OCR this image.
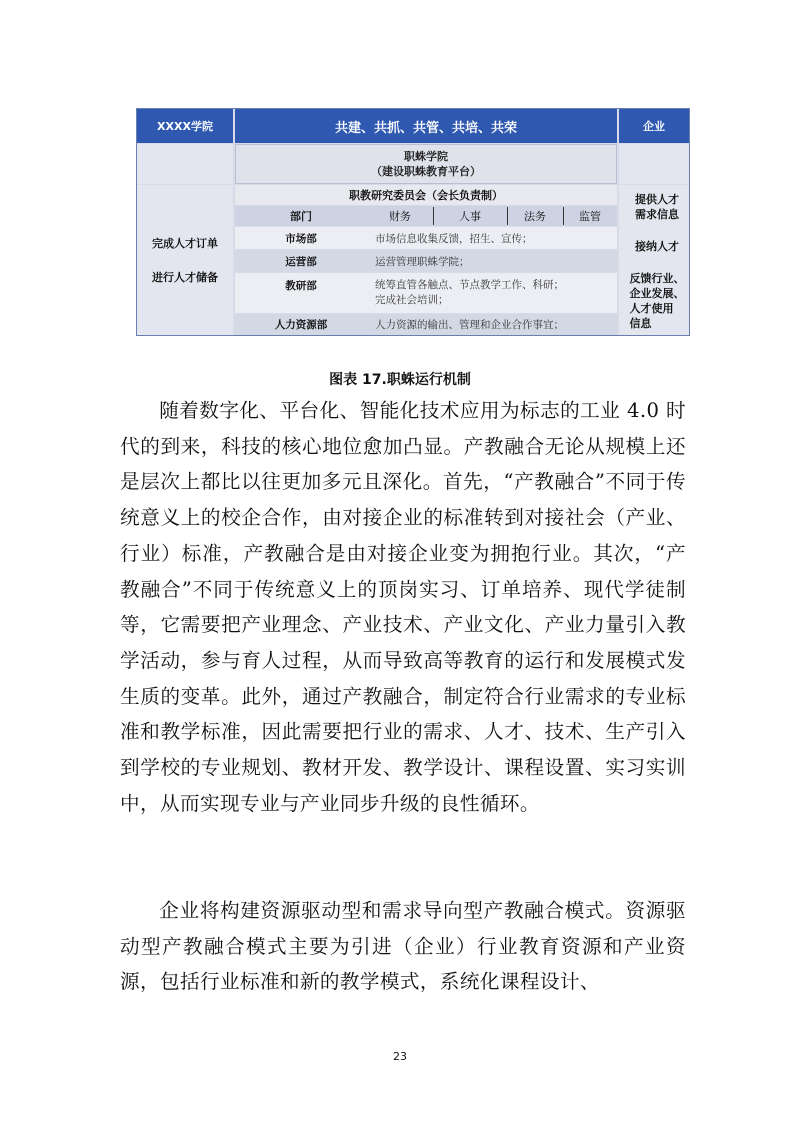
XXXX学院	共建、共抓、共管、共培、共荣	企业
职蛛学院
（建设职蛛教育平台）
完成人才订单
进行人才储备
职教研究委员会（会长负责制）
部门	财务	人事	法务	监管
市场部	市场信息收集反馈，招生、宣传；
运营部	运营管理职蛛学院；
教研部	统筹直管各触点、节点教学工作、科研；
完成社会培训；
人力资源部	人力资源的输出、管理和企业合作事宜；
提供人才
需求信息
接纳人才
反馈行业、
企业发展、
人才使用
信息
图表 17.职蛛运行机制

随着数字化、平台化、智能化技术应用为标志的工业 4.0 时代的到来，科技的核心地位愈加凸显。产教融合无论从规模上还是层次上都比以往更加多元且深化。首先，“产教融合”不同于传统意义上的校企合作，由对接企业的标准转到对接社会（产业、行业）标准，产教融合是由对接企业变为拥抱行业。其次，“产教融合”不同于传统意义上的顶岗实习、订单培养、现代学徒制等，它需要把产业理念、产业技术、产业文化、产业力量引入教学活动，参与育人过程，从而导致高等教育的运行和发展模式发生质的变革。此外，通过产教融合，制定符合行业需求的专业标准和教学标准，因此需要把行业的需求、人才、技术、生产引入到学校的专业规划、教材开发、教学设计、课程设置、实习实训中，从而实现专业与产业同步升级的良性循环。

企业将构建资源驱动型和需求导向型产教融合模式。资源驱动型产教融合模式主要为引进（企业）行业教育资源和产业资源，包括行业标准和新的教学模式，系统化课程设计、

23
